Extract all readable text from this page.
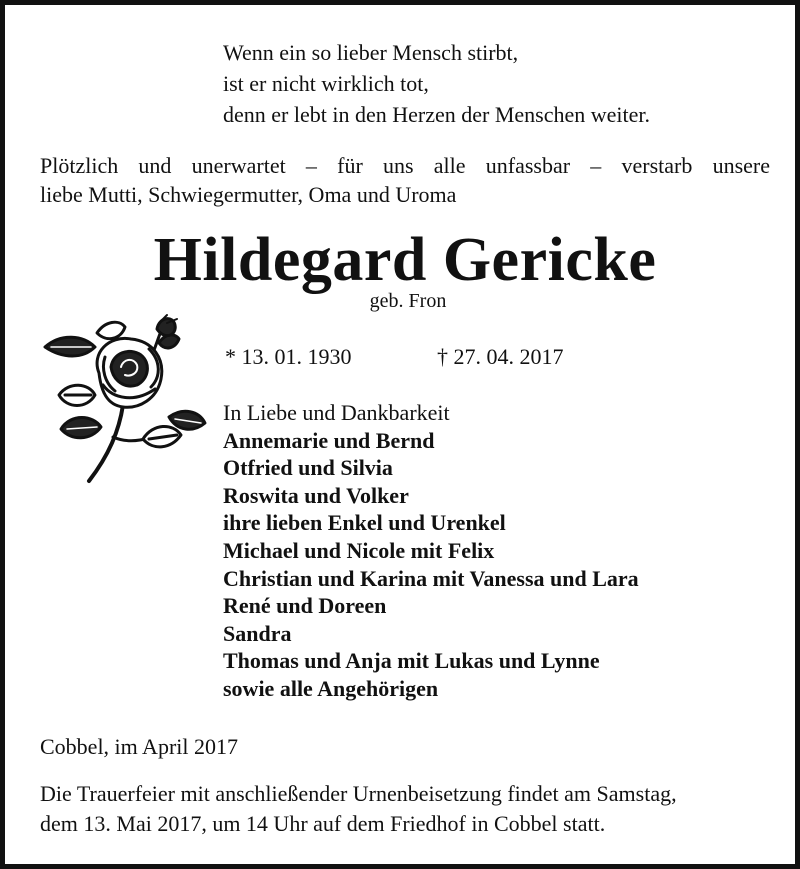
Wenn ein so lieber Mensch stirbt,
ist er nicht wirklich tot,
denn er lebt in den Herzen der Menschen weiter.
Plötzlich und unerwartet – für uns alle unfassbar – verstarb unsere
liebe Mutti, Schwiegermutter, Oma und Uroma
Hildegard Gericke
geb. Fron
* 13. 01. 1930	† 27. 04. 2017
In Liebe und Dankbarkeit
Annemarie und Bernd
Otfried und Silvia
Roswita und Volker
ihre lieben Enkel und Urenkel
Michael und Nicole mit Felix
Christian und Karina mit Vanessa und Lara
René und Doreen
Sandra
Thomas und Anja mit Lukas und Lynne
sowie alle Angehörigen
Cobbel, im April 2017
Die Trauerfeier mit anschließender Urnenbeisetzung findet am Samstag,
dem 13. Mai 2017, um 14 Uhr auf dem Friedhof in Cobbel statt.
